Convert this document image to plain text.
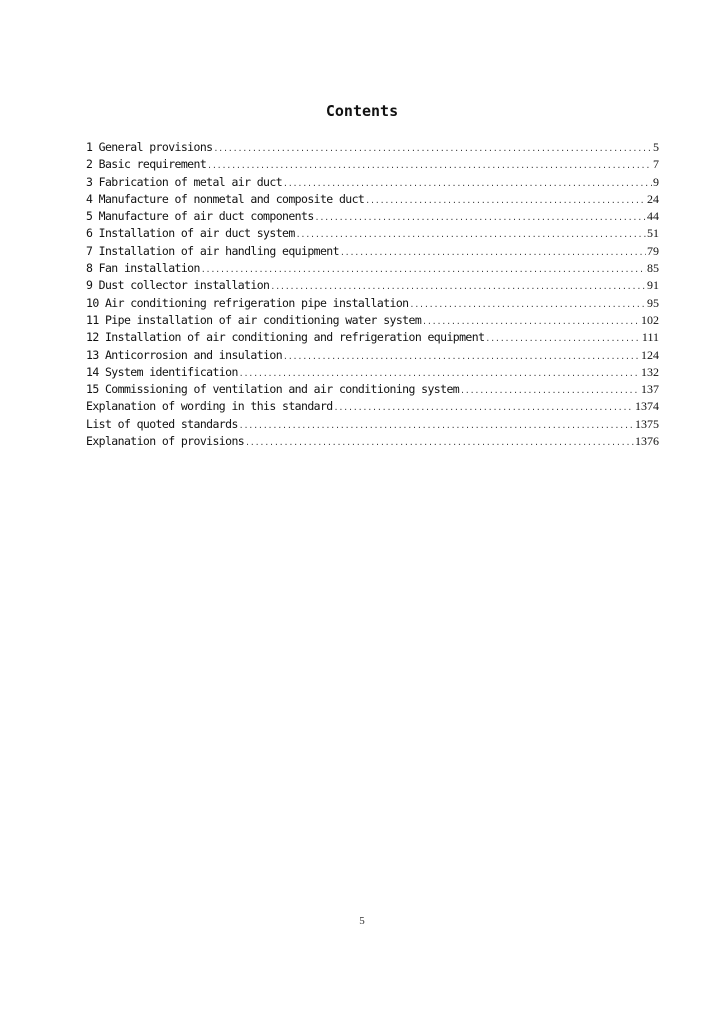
Contents
1 General provisions .....	5
2 Basic requirement .....	7
3 Fabrication of metal air duct .....	9
4 Manufacture of nonmetal and composite duct .....	24
5 Manufacture of air duct components .....	44
6 Installation of air duct system .....	51
7 Installation of air handling equipment .....	79
8 Fan installation .....	85
9 Dust collector installation .....	91
10 Air conditioning refrigeration pipe installation .....	95
11 Pipe installation of air conditioning water system .....	102
12 Installation of air conditioning and refrigeration equipment .....	111
13 Anticorrosion and insulation .....	124
14 System identification .....	132
15 Commissioning of ventilation and air conditioning system .....	137
Explanation of wording in this standard .....	1374
List of quoted standards .....	1375
Explanation of provisions .....	1376
5
